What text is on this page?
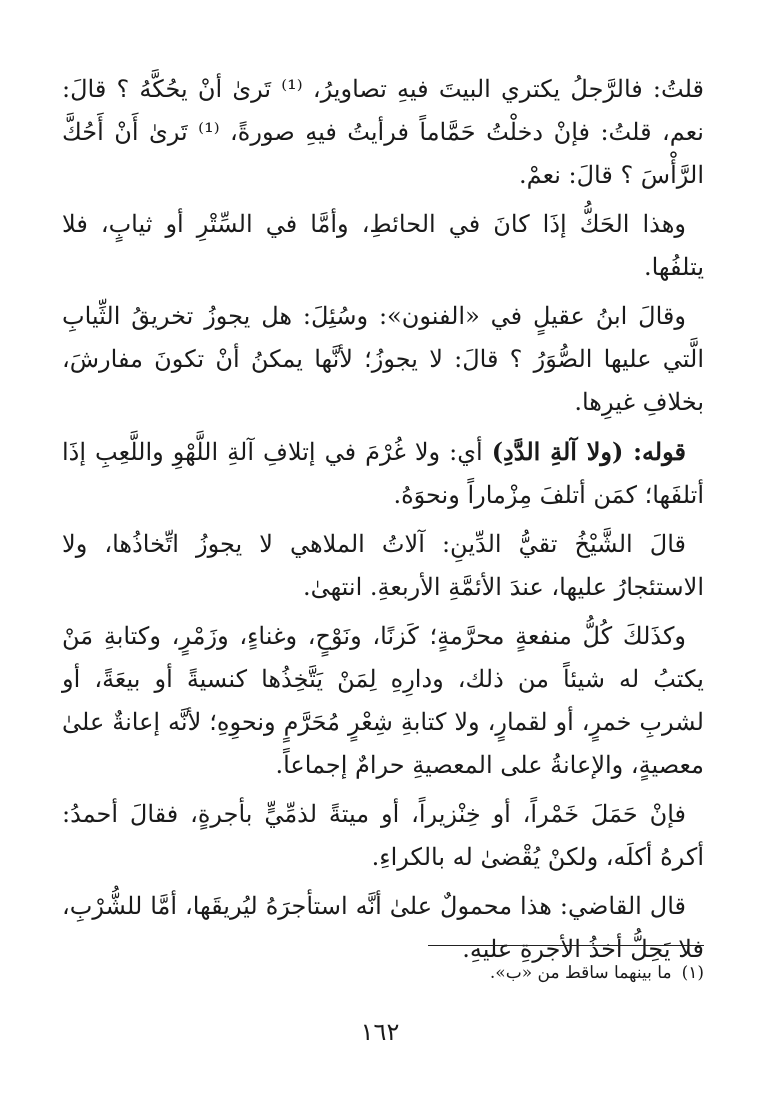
قلتُ: فالرَّجلُ يكتري البيتَ فيهِ تصاويرُ، ⁽¹⁾ تَرىٰ أنْ يحُكَّهُ ؟ قالَ: نعم، قلتُ: فإنْ دخلْتُ حَمَّاماً فرأيتُ فيهِ صورةً، ⁽¹⁾ تَرىٰ أَنْ أَحُكَّ الرَّأْسَ ؟ قالَ: نعمْ.

وهذا الحَكُّ إذَا كانَ في الحائطِ، وأمَّا في السِّتْرِ أو ثيابٍ، فلا يتلفُها.

وقالَ ابنُ عقيلٍ في «الفنون»: وسُئِلَ: هل يجوزُ تخريقُ الثِّيابِ الَّتي عليها الصُّوَرُ ؟ قالَ: لا يجوزُ؛ لأنَّها يمكنُ أنْ تكونَ مفارشَ، بخلافِ غيرِها.

قوله: (ولا آلةِ الدَّدِ) أي: ولا غُرْمَ في إتلافِ آلةِ اللَّهْوِ واللَّعِبِ إذَا أتلفَها؛ كمَن أتلفَ مِزْماراً ونحوَهُ.

قالَ الشَّيْخُ تقيُّ الدِّينِ: آلاتُ الملاهي لا يجوزُ اتِّخاذُها، ولا الاستئجارُ عليها، عندَ الأئمَّةِ الأربعةِ. انتهىٰ.

وكذَلكَ كُلُّ منفعةٍ محرَّمةٍ؛ كَزنًا، ونَوْحٍ، وغناءٍ، وزَمْرٍ، وكتابةِ مَنْ يكتبُ له شيئاً من ذلك، ودارِهِ لِمَنْ يَتَّخِذُها كنسيةً أو بيعَةً، أو لشربِ خمرٍ، أو لقمارٍ، ولا كتابةِ شِعْرٍ مُحَرَّمٍ ونحوِهِ؛ لأنَّه إعانةٌ علىٰ معصيةٍ، والإعانةُ على المعصيةِ حرامٌ إجماعاً.

فإنْ حَمَلَ خَمْراً، أو خِنْزيراً، أو ميتةً لذمِّيٍّ بأجرةٍ، فقالَ أحمدُ: أكرهُ أكلَه، ولكنْ يُقْضىٰ له بالكراءِ.

قال القاضي: هذا محمولٌ علىٰ أنَّه استأجرَهُ ليُريقَها، أمَّا للشُّرْبِ، فلا يَحِلُّ أخذُ الأجرةِ عليهِ.

(١)ما بينهما ساقط من «ب».
١٦٢
